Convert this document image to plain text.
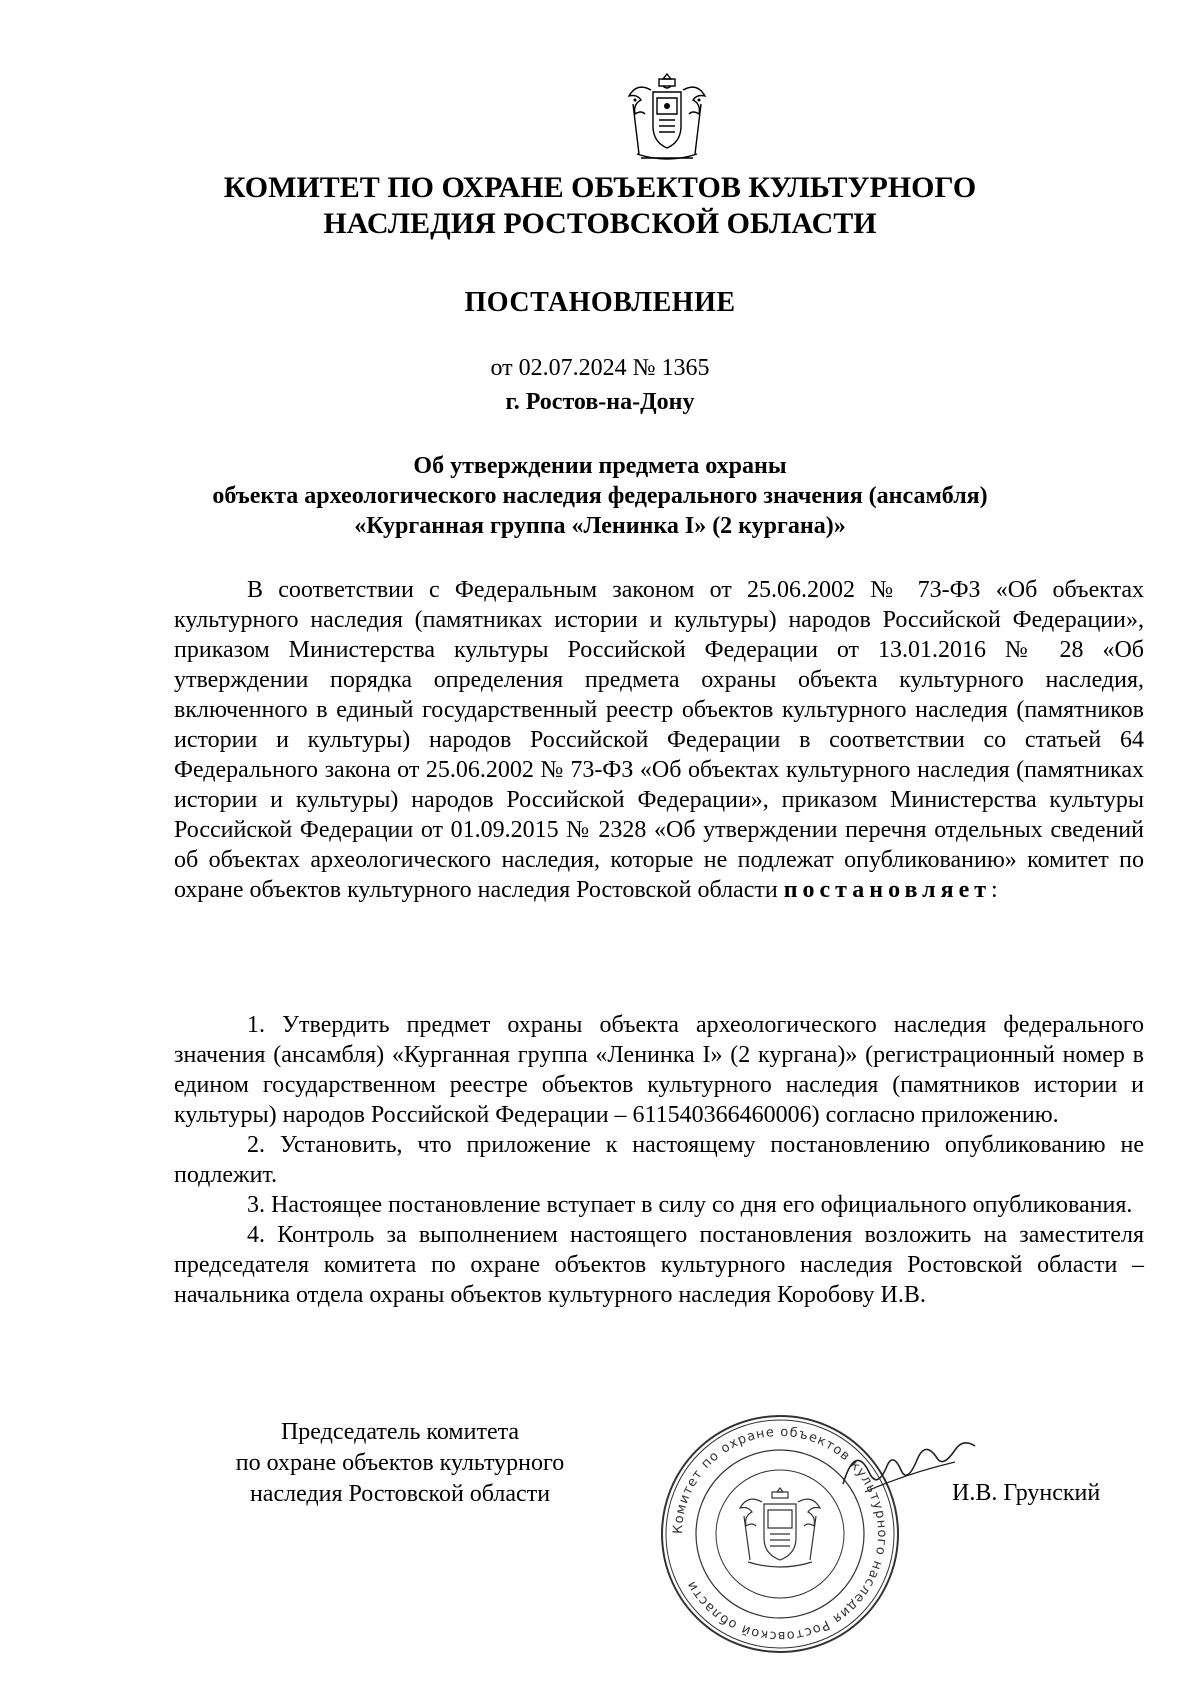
КОМИТЕТ ПО ОХРАНЕ ОБЪЕКТОВ КУЛЬТУРНОГО
НАСЛЕДИЯ РОСТОВСКОЙ ОБЛАСТИ
ПОСТАНОВЛЕНИЕ
от 02.07.2024 № 1365
г. Ростов-на-Дону
Об утверждении предмета охраны
объекта археологического наследия федерального значения (ансамбля)
«Курганная группа «Ленинка I» (2 кургана)»

В соответствии с Федеральным законом от 25.06.2002 № 73-ФЗ «Об объектах культурного наследия (памятниках истории и культуры) народов Российской Федерации», приказом Министерства культуры Российской Федерации от 13.01.2016 № 28 «Об утверждении порядка определения предмета охраны объекта культурного наследия, включенного в единый государственный реестр объектов культурного наследия (памятников истории и культуры) народов Российской Федерации в соответствии со статьей 64 Федерального закона от 25.06.2002 № 73-ФЗ «Об объектах культурного наследия (памятниках истории и культуры) народов Российской Федерации», приказом Министерства культуры Российской Федерации от 01.09.2015 № 2328 «Об утверждении перечня отдельных сведений об объектах археологического наследия, которые не подлежат опубликованию» комитет по охране объектов культурного наследия Ростовской области постановляет:

1. Утвердить предмет охраны объекта археологического наследия федерального значения (ансамбля) «Курганная группа «Ленинка I» (2 кургана)» (регистрационный номер в едином государственном реестре объектов культурного наследия (памятников истории и культуры) народов Российской Федерации – 611540366460006) согласно приложению.

2. Установить, что приложение к настоящему постановлению опубликованию не подлежит.

3. Настоящее постановление вступает в силу со дня его официального опубликования.

4. Контроль за выполнением настоящего постановления возложить на заместителя председателя комитета по охране объектов культурного наследия Ростовской области – начальника отдела охраны объектов культурного наследия Коробову И.В.

Председатель комитета
по охране объектов культурного
наследия Ростовской области
Комитет по охране объектов культурного наследия Ростовской области
И.В. Грунский
